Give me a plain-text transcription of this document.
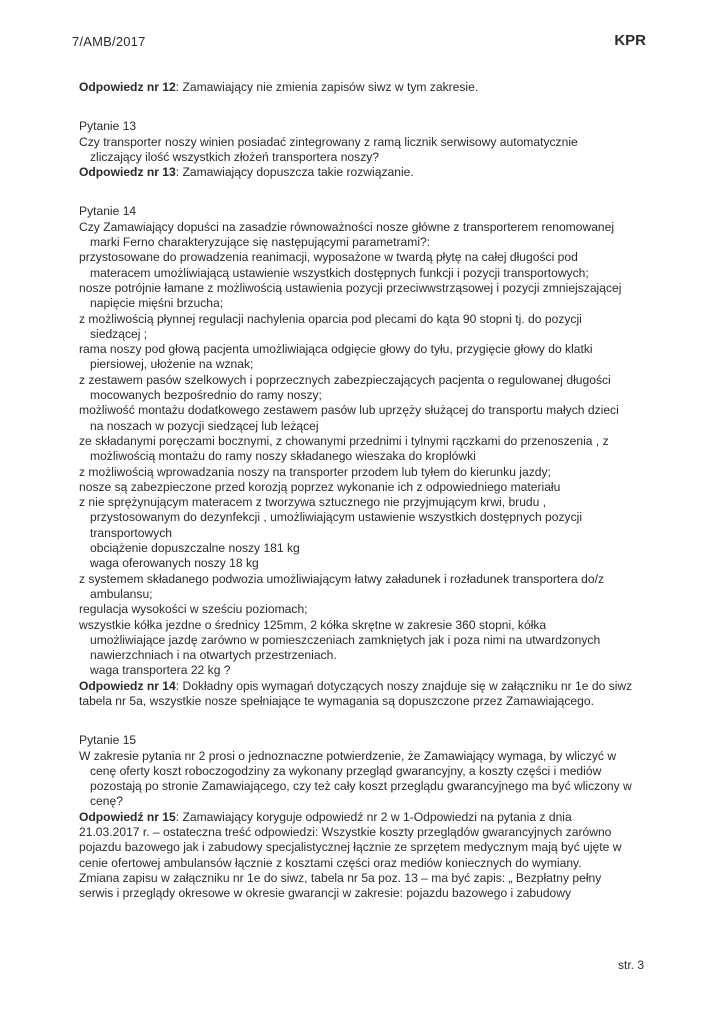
7/AMB/2017	KPR

Odpowiedz nr 12: Zamawiający nie zmienia zapisów siwz w tym zakresie.

Pytanie 13

Czy transporter noszy winien posiadać zintegrowany z ramą licznik serwisowy automatycznie

zliczający ilość wszystkich złożeń transportera noszy?

Odpowiedz nr 13: Zamawiający dopuszcza takie rozwiązanie.

Pytanie 14

Czy Zamawiający dopuści na zasadzie równoważności nosze główne z transporterem renomowanej

marki Ferno charakteryzujące się następującymi parametrami?:

przystosowane do prowadzenia reanimacji, wyposażone w twardą płytę na całej długości pod

materacem umożliwiającą ustawienie wszystkich dostępnych funkcji i pozycji transportowych;

nosze potrójnie łamane z możliwością ustawienia pozycji przeciwwstrząsowej i pozycji zmniejszającej

napięcie mięśni brzucha;

z możliwością płynnej regulacji nachylenia oparcia pod plecami do kąta 90 stopni tj. do pozycji

siedzącej ;

rama noszy pod głową pacjenta umożliwiająca odgięcie głowy do tyłu, przygięcie głowy do klatki

piersiowej, ułożenie na wznak;

z zestawem pasów szelkowych i poprzecznych zabezpieczających pacjenta o regulowanej długości

mocowanych bezpośrednio do ramy noszy;

możliwość montażu dodatkowego zestawem pasów lub uprzęży służącej do transportu małych dzieci

na noszach w pozycji siedzącej lub leżącej

ze składanymi poręczami bocznymi, z chowanymi przednimi i tylnymi rączkami do przenoszenia , z

możliwością montażu do ramy noszy składanego wieszaka do kroplówki

z możliwością wprowadzania noszy na transporter przodem lub tyłem do kierunku jazdy;

nosze są zabezpieczone przed korozją poprzez wykonanie ich z odpowiedniego materiału

z nie sprężynującym materacem z tworzywa sztucznego nie przyjmującym krwi, brudu ,

przystosowanym do dezynfekcji , umożliwiającym ustawienie wszystkich dostępnych pozycji

transportowych

obciążenie dopuszczalne noszy 181 kg

waga oferowanych noszy 18 kg

z systemem składanego podwozia umożliwiającym łatwy załadunek i rozładunek transportera do/z

ambulansu;

regulacja wysokości w sześciu poziomach;

wszystkie kółka jezdne o średnicy 125mm, 2 kółka skrętne w zakresie 360 stopni, kółka

umożliwiające jazdę zarówno w pomieszczeniach zamkniętych jak i poza nimi na utwardzonych

nawierzchniach i na otwartych przestrzeniach.

waga transportera 22 kg ?

Odpowiedz nr 14: Dokładny opis wymagań dotyczących noszy znajduje się w załączniku nr 1e do siwz

tabela nr 5a, wszystkie nosze spełniające te wymagania są dopuszczone przez Zamawiającego.

Pytanie 15

W zakresie pytania nr 2 prosi o jednoznaczne potwierdzenie, że Zamawiający wymaga, by wliczyć w

cenę oferty koszt roboczogodziny za wykonany przegląd gwarancyjny, a koszty części i mediów

pozostają po stronie Zamawiającego, czy też cały koszt przeglądu gwarancyjnego ma być wliczony w

cenę?

Odpowiedź nr 15: Zamawiający koryguje odpowiedź nr 2 w 1-Odpowiedzi na pytania z dnia

21.03.2017 r. – ostateczna treść odpowiedzi: Wszystkie koszty przeglądów gwarancyjnych zarówno

pojazdu bazowego jak i zabudowy specjalistycznej łącznie ze sprzętem medycznym mają być ujęte w

cenie ofertowej ambulansów łącznie z kosztami części oraz mediów koniecznych do wymiany.

Zmiana zapisu w załączniku nr 1e do siwz, tabela nr 5a poz. 13 – ma być zapis: „ Bezpłatny pełny

serwis i przeglądy okresowe w okresie gwarancji w zakresie: pojazdu bazowego i zabudowy

str. 3
